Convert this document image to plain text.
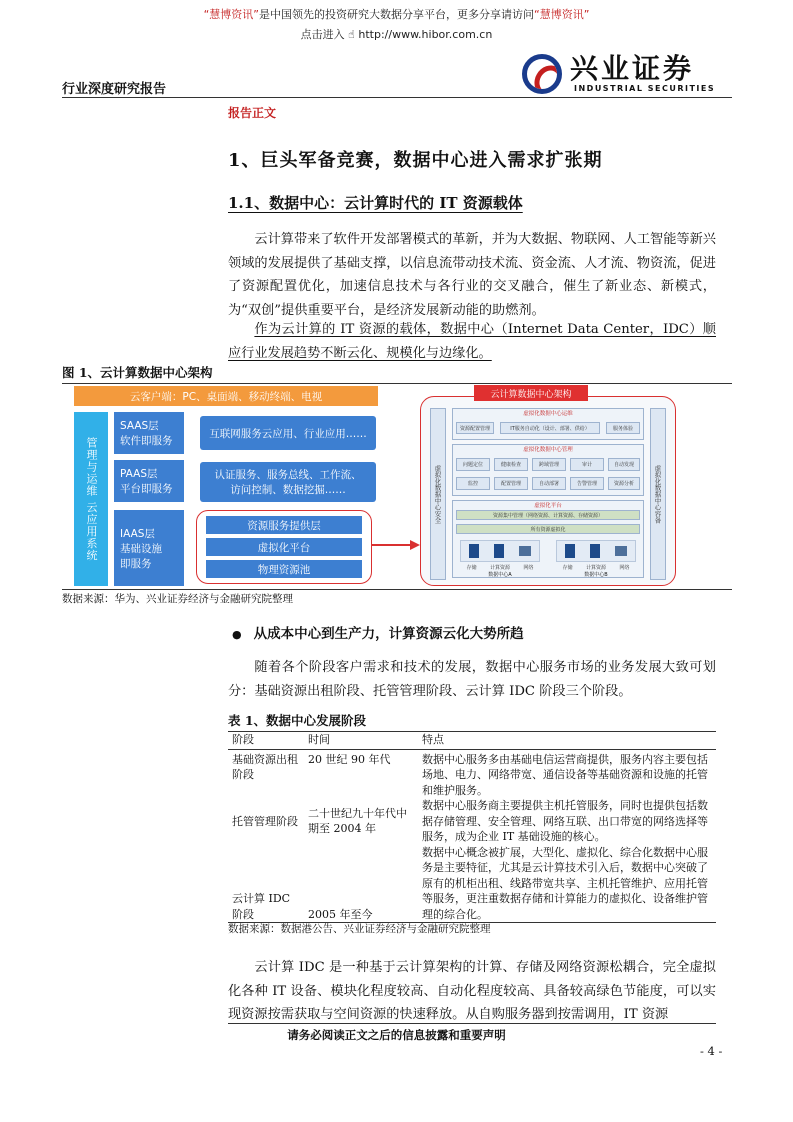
“慧博资讯”是中国领先的投资研究大数据分享平台，更多分享请访问“慧博资讯”
点击进入 ☝ http://www.hibor.com.cn
行业深度研究报告
兴业证券
INDUSTRIAL SECURITIES
报告正文
1、巨头军备竞赛，数据中心进入需求扩张期
1.1、数据中心：云计算时代的 IT 资源载体

云计算带来了软件开发部署模式的革新，并为大数据、物联网、人工智能等新兴领域的发展提供了基础支撑，以信息流带动技术流、资金流、人才流、物资流，促进了资源配置优化，加速信息技术与各行业的交叉融合，催生了新业态、新模式，为“双创”提供重要平台，是经济发展新动能的助燃剂。

作为云计算的 IT 资源的载体，数据中心（Internet Data Center，IDC）顺应行业发展趋势不断云化、规模化与边缘化。

图 1、云计算数据中心架构
云客户端：PC、桌面端、移动终端、电视
管理与运维 云应用系统
SAAS层
软件即服务
互联网服务云应用、行业应用……
PAAS层
平台即服务
认证服务、服务总线、工作流、
访问控制、数据挖掘……
IAAS层
基础设施
即服务
资源服务提供层
虚拟化平台
物理资源池
云计算数据中心架构
虚拟化数据中心安全	虚拟化数据中心容备
虚拟化数据中心运维
资源配置管理	IT服务自动化（设计、部署、供给）	服务体验
虚拟化数据中心管理
问题定位	健康检查	跨域管理	审计	自动发现
监控	配置管理	自动部署	告警管理	资源分析
虚拟化平台
资源集中管理（网络资源、计算资源、存储资源）
所有资源虚拟化
存储	计算资源	网络	存储	计算资源	网络
数据中心A	数据中心B
数据来源：华为、兴业证券经济与金融研究院整理
● 从成本中心到生产力，计算资源云化大势所趋

随着各个阶段客户需求和技术的发展，数据中心服务市场的业务发展大致可划分：基础资源出租阶段、托管管理阶段、云计算 IDC 阶段三个阶段。

表 1、数据中心发展阶段
阶段	时间	特点
基础资源出租阶段	20 世纪 90 年代	数据中心服务多由基础电信运营商提供，服务内容主要包括场地、电力、网络带宽、通信设备等基础资源和设施的托管和维护服务。
托管管理阶段	二十世纪九十年代中期至 2004 年	数据中心服务商主要提供主机托管服务，同时也提供包括数据存储管理、安全管理、网络互联、出口带宽的网络选择等服务，成为企业 IT 基础设施的核心。
云计算 IDC 阶段	2005 年至今	数据中心概念被扩展，大型化、虚拟化、综合化数据中心服务是主要特征，尤其是云计算技术引入后，数据中心突破了原有的机柜出租、线路带宽共享、主机托管维护、应用托管等服务，更注重数据存储和计算能力的虚拟化、设备维护管理的综合化。
数据来源：数据港公告、兴业证券经济与金融研究院整理

云计算 IDC 是一种基于云计算架构的计算、存储及网络资源松耦合，完全虚拟化各种 IT 设备、模块化程度较高、自动化程度较高、具备较高绿色节能度，可以实现资源按需获取与空间资源的快速释放。从自购服务器到按需调用，IT 资源

请务必阅读正文之后的信息披露和重要声明
- 4 -
